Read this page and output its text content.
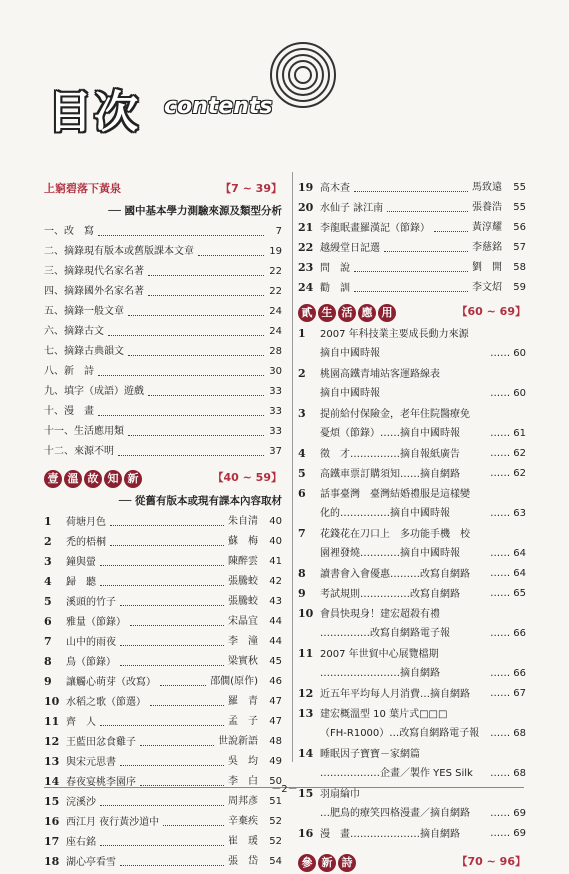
目次 contents
上窮碧落下黃泉	【7 ~ 39】
── 國中基本學力測驗來源及類型分析
一、改　寫	7
二、摘錄現有版本或舊版課本文章	19
三、摘錄現代名家名著	22
四、摘錄國外名家名著	22
五、摘錄一般文章	24
六、摘錄古文	24
七、摘錄古典韻文	28
八、新　詩	30
九、填字（成語）遊戲	33
十、漫　畫	33
十一、生活應用類	33
十二、來源不明	37
壹 溫 故 知 新	【40 ~ 59】
── 從舊有版本或現有課本內容取材
1 荷塘月色	朱自清 40
2 禿的梧桐	蘇　梅 40
3 鐘與螢	陳醉雲 41
4 歸　聽	張騰蛟 42
5 溪頭的竹子	張騰蛟 43
6 雅量（節錄）	宋晶宜 44
7 山中的雨夜	李　潼 44
8 鳥（節錄）	梁實秋 45
9 讓觸心萌芽（改寫）	邵僩(原作) 46
10 水稻之歌（節選）	羅　青 47
11 齊　人	孟　子 47
12 王藍田忿食雞子	世說新語 48
13 與宋元思書	吳　均 49
14 春夜宴桃李園序	李　白 50
15 浣溪沙	周邦彥 51
16 西江月 夜行黃沙道中	辛棄疾 52
17 座右銘	崔　瑗 52
18 湖心亭看雪	張　岱 54
19 高木查	馬致遠 55
20 水仙子 詠江南	張養浩 55
21 李龍眠畫羅漢記（節錄）	黃淳耀 56
22 越縵堂日記選	李慈銘 57
23 問　說	劉　開 58
24 勸　訓	李文炤 59
貳 生 活 應 用	【60 ~ 69】
1 2007 年科技業主要成長動力來源
摘自中國時報	…… 60
2 桃園高鐵青埔站客運路線表
摘自中國時報	…… 60
3 提前給付保險金，老年住院醫療免
憂煩（節錄）……摘自中國時報	…… 61
4 徵　才……………摘自報紙廣告	…… 62
5 高鐵車票訂購須知……摘自網路	…… 62
6 話事臺灣　臺灣結婚禮服是這樣變
化的……………摘自中國時報	…… 63
7 花錢花在刀口上　多功能手機　校
園裡發燒…………摘自中國時報	…… 64
8 讀書會入會優惠………改寫自網路 …… 64
9 考試規則……………改寫自網路	…… 65
10 會員快現身！建宏超殺有禮
……………改寫自網路電子報	…… 66
11 2007 年世貿中心展覽檔期
……………………摘自網路	…… 66
12 近五年平均每人月消費…摘自網路 …… 67
13 建宏概溫型 10 葉片式□□□
（FH-R1000）…改寫自網路電子報 …… 68
14 睡眠因子寶寶－家網篇
………………企畫／製作 YES Silk …… 68
15 羽扇綸巾
…肥鳥的療笑四格漫畫／摘自網路 …… 69
16 漫　畫…………………摘自網路	…… 69
參 新 詩	【70 ~ 96】
－2－
